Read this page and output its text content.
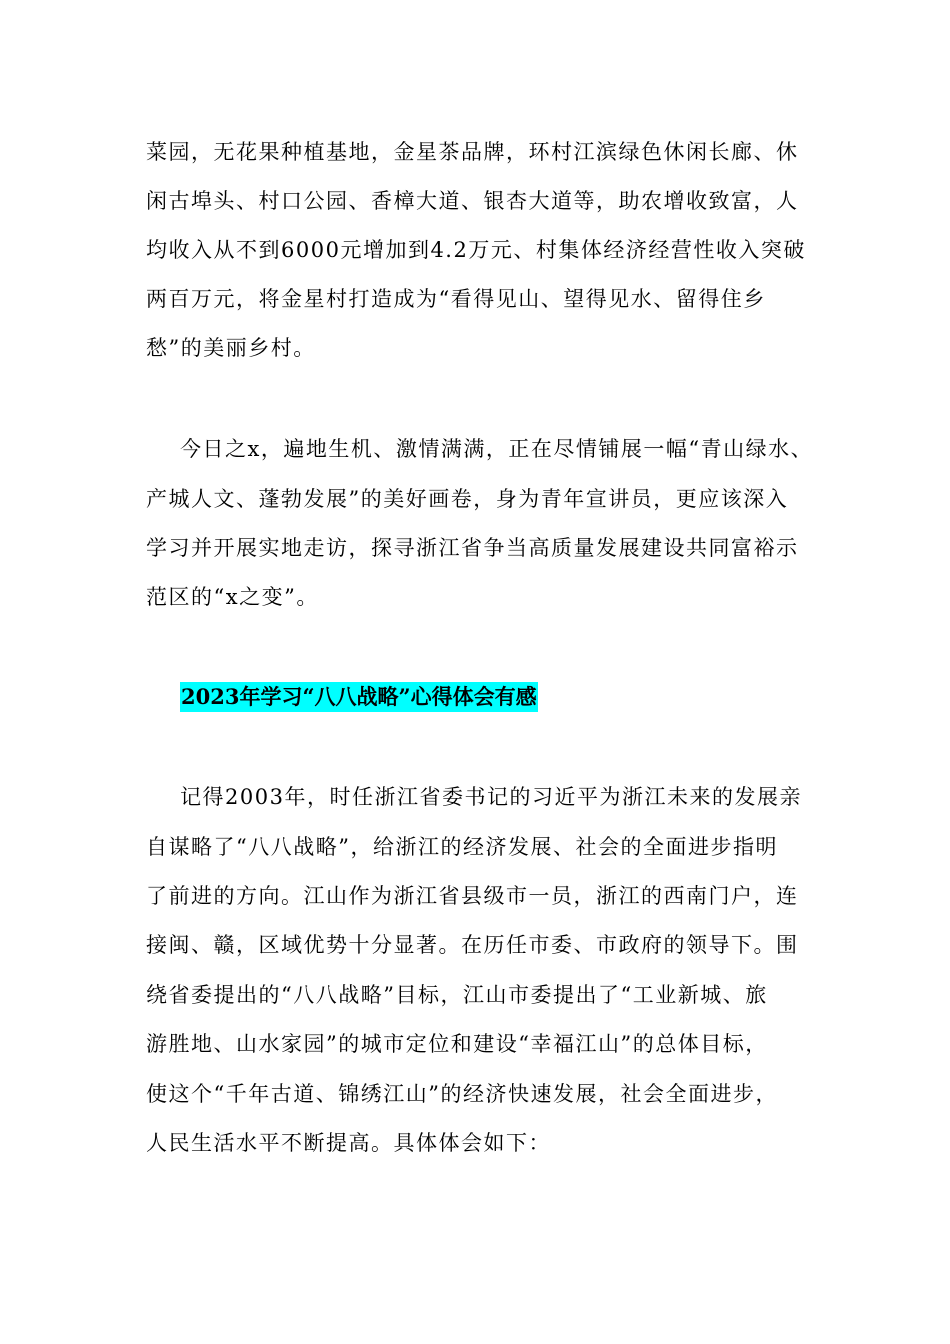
菜园，无花果种植基地，金星茶品牌，环村江滨绿色休闲长廊、休
闲古埠头、村口公园、香樟大道、银杏大道等，助农增收致富，人
均收入从不到6000元增加到4.2万元、村集体经济经营性收入突破
两百万元，将金星村打造成为“看得见山、望得见水、留得住乡
愁”的美丽乡村。
今日之x，遍地生机、激情满满，正在尽情铺展一幅“青山绿水、
产城人文、蓬勃发展”的美好画卷，身为青年宣讲员，更应该深入
学习并开展实地走访，探寻浙江省争当高质量发展建设共同富裕示
范区的“x之变”。
2023年学习“八八战略”心得体会有感
记得2003年，时任浙江省委书记的习近平为浙江未来的发展亲
自谋略了“八八战略”，给浙江的经济发展、社会的全面进步指明
了前进的方向。江山作为浙江省县级市一员，浙江的西南门户，连
接闽、赣，区域优势十分显著。在历任市委、市政府的领导下。围
绕省委提出的“八八战略”目标，江山市委提出了“工业新城、旅
游胜地、山水家园”的城市定位和建设“幸福江山”的总体目标，
使这个“千年古道、锦绣江山”的经济快速发展，社会全面进步，
人民生活水平不断提高。具体体会如下：
